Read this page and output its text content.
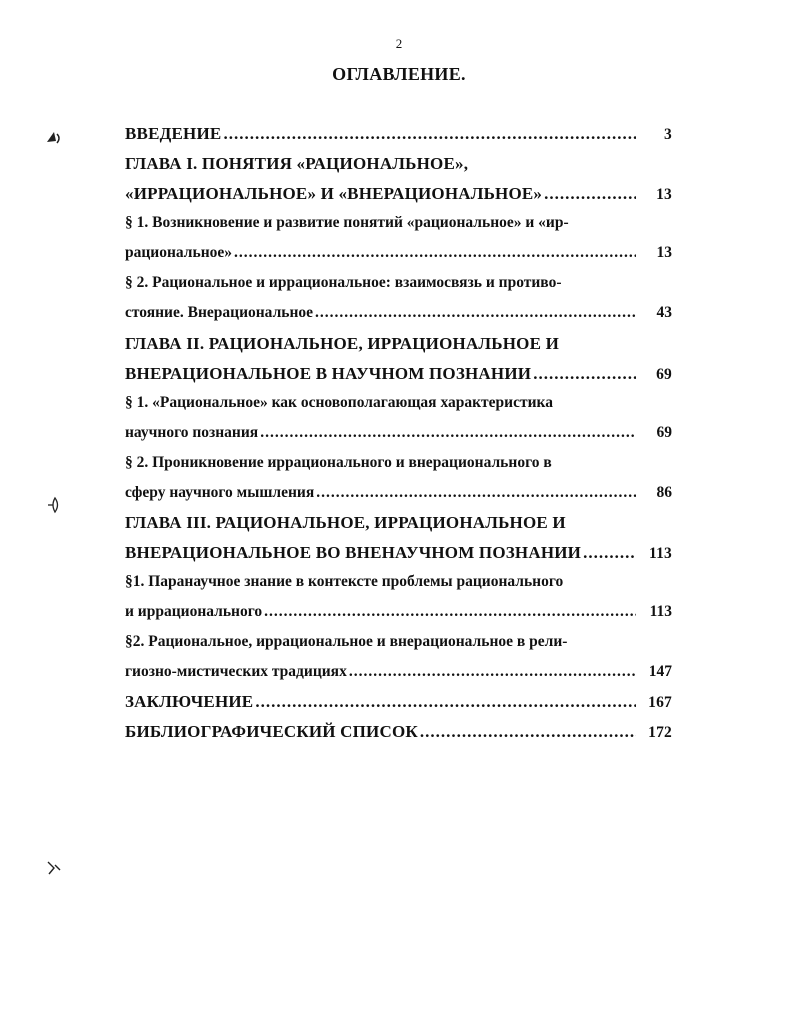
2
ОГЛАВЛЕНИЕ.
ВВЕДЕНИЕ .....	3
ГЛАВА I. ПОНЯТИЯ «РАЦИОНАЛЬНОЕ»,
«ИРРАЦИОНАЛЬНОЕ» И «ВНЕРАЦИОНАЛЬНОЕ» .....	13
§ 1. Возникновение и развитие понятий «рациональное» и «ир-
рациональное» .....	13
§ 2. Рациональное и иррациональное: взаимосвязь и противо-
стояние. Внерациональное .....	43
ГЛАВА II. РАЦИОНАЛЬНОЕ, ИРРАЦИОНАЛЬНОЕ И
ВНЕРАЦИОНАЛЬНОЕ В НАУЧНОМ ПОЗНАНИИ .....	69
§ 1. «Рациональное» как основополагающая характеристика
научного познания .....	69
§ 2. Проникновение иррационального и внерационального в
сферу научного мышления .....	86
ГЛАВА III. РАЦИОНАЛЬНОЕ, ИРРАЦИОНАЛЬНОЕ И
ВНЕРАЦИОНАЛЬНОЕ ВО ВНЕНАУЧНОМ ПОЗНАНИИ .....	113
§1. Паранаучное знание в контексте проблемы рационального
и иррационального .....	113
§2. Рациональное, иррациональное и внерациональное в рели-
гиозно-мистических традициях .....	147
ЗАКЛЮЧЕНИЕ .....	167
БИБЛИОГРАФИЧЕСКИЙ СПИСОК .....	172
